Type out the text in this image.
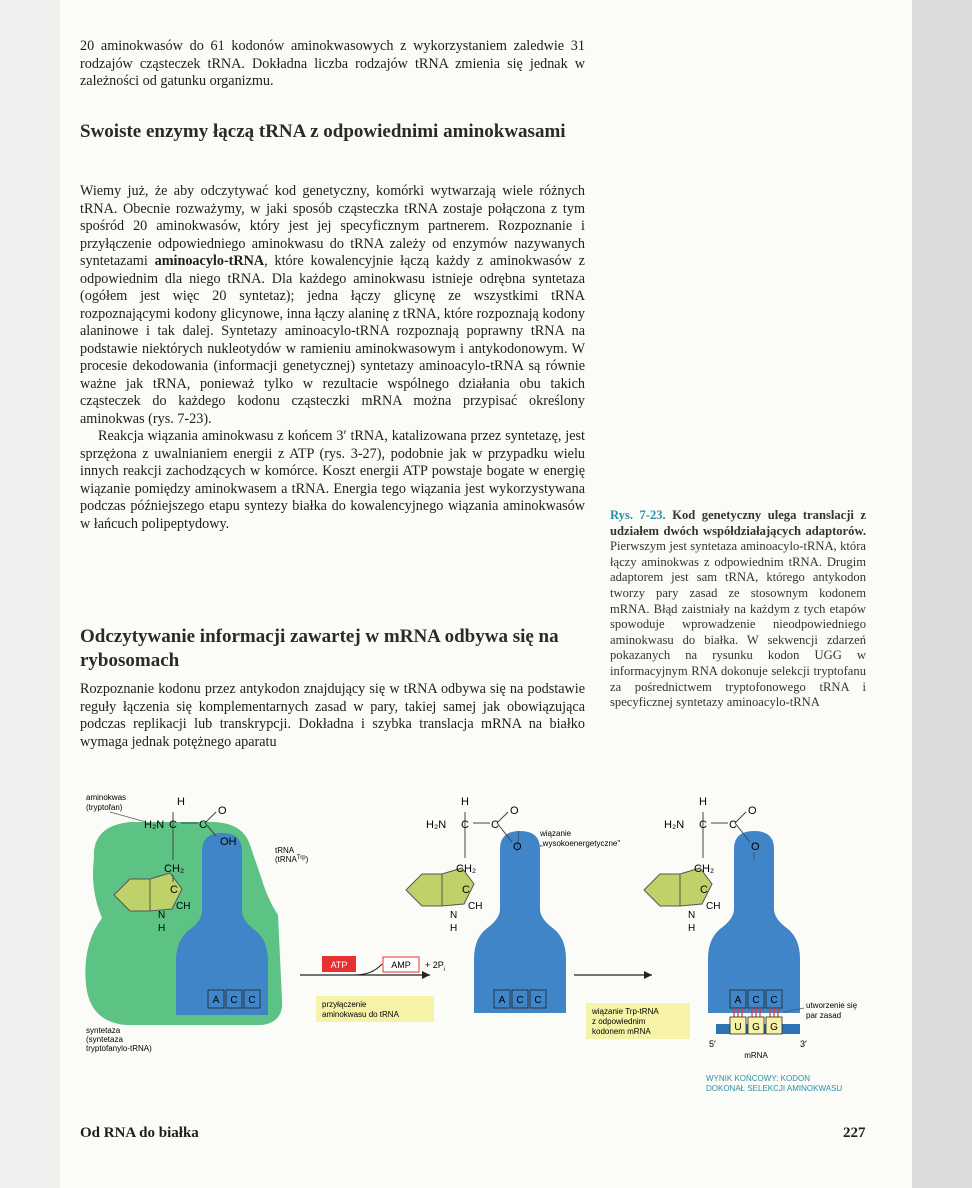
20 aminokwasów do 61 kodonów aminokwasowych z wykorzystaniem zaledwie 31 rodzajów cząsteczek tRNA. Dokładna liczba rodzajów tRNA zmienia się jednak w zależności od gatunku organizmu.

Swoiste enzymy łączą tRNA z odpowiednimi aminokwasami

Wiemy już, że aby odczytywać kod genetyczny, komórki wytwarzają wiele różnych tRNA. Obecnie rozważymy, w jaki sposób cząsteczka tRNA zostaje połączona z tym spośród 20 aminokwasów, który jest jej specyficznym partnerem. Rozpoznanie i przyłączenie odpowiedniego aminokwasu do tRNA zależy od enzymów nazywanych syntetazami aminoacylo-tRNA, które kowalencyjnie łączą każdy z aminokwasów z odpowiednim dla niego tRNA. Dla każdego aminokwasu istnieje odrębna syntetaza (ogółem jest więc 20 syntetaz); jedna łączy glicynę ze wszystkimi tRNA rozpoznającymi kodony glicynowe, inna łączy alaninę z tRNA, które rozpoznają kodony alaninowe i tak dalej. Syntetazy aminoacylo-tRNA rozpoznają poprawny tRNA na podstawie niektórych nukleotydów w ramieniu aminokwasowym i antykodonowym. W procesie dekodowania (informacji genetycznej) syntetazy aminoacylo-tRNA są równie ważne jak tRNA, ponieważ tylko w rezultacie wspólnego działania obu takich cząsteczek do każdego kodonu cząsteczki mRNA można przypisać określony aminokwas (rys. 7-23).

Reakcja wiązania aminokwasu z końcem 3′ tRNA, katalizowana przez syntetazę, jest sprzężona z uwalnianiem energii z ATP (rys. 3-27), podobnie jak w przypadku wielu innych reakcji zachodzących w komórce. Koszt energii ATP powstaje bogate w energię wiązanie pomiędzy aminokwasem a tRNA. Energia tego wiązania jest wykorzystywana podczas późniejszego etapu syntezy białka do kowalencyjnego wiązania aminokwasów w łańcuch polipeptydowy.

Odczytywanie informacji zawartej w mRNA odbywa się na rybosomach

Rozpoznanie kodonu przez antykodon znajdujący się w tRNA odbywa się na podstawie reguły łączenia się komplementarnych zasad w pary, takiej samej jak obowiązująca podczas replikacji lub transkrypcji. Dokładna i szybka translacja mRNA na białko wymaga jednak potężnego aparatu

Rys. 7-23. Kod genetyczny ulega translacji z udziałem dwóch współdziałających adaptorów. Pierwszym jest syntetaza aminoacylo-tRNA, która łączy aminokwas z odpowiednim tRNA. Drugim adaptorem jest sam tRNA, którego antykodon tworzy pary zasad ze stosownym kodonem mRNA. Błąd zaistniały na każdym z tych etapów spowoduje wprowadzenie nieodpowiedniego aminokwasu do białka. W sekwencji zdarzeń pokazanych na rysunku kodon UGG w informacyjnym RNA dokonuje selekcji tryptofanu za pośrednictwem tryptofonowego tRNA i specyficznej syntetazy aminoacylo-tRNA
A C C
H
H₂N C C
O
OH
CH₂
C
CH
N
H
aminokwas
(tryptofan)
tRNA
(tRNA$^{Trp}$)
syntetaza
(syntetaza
tryptofanylo-tRNA)
ATP	AMP + $2P_i$
przyłączenie
aminokwasu do tRNA
A C C
H
H₂N C C
O
O
CH₂
C
CH
N
H
wiązanie
„wysokoenergetyczne"
wiązanie Trp-tRNA
z odpowiednim
kodonem mRNA
A C C
U G G
H
H₂N C C
O
O
CH₂
C
CH
N
H
utworzenie się
par zasad
5′	3′
mRNA
WYNIK KOŃCOWY: KODON
DOKONAŁ SELEKCJI AMINOKWASU
Od RNA do białka	227
